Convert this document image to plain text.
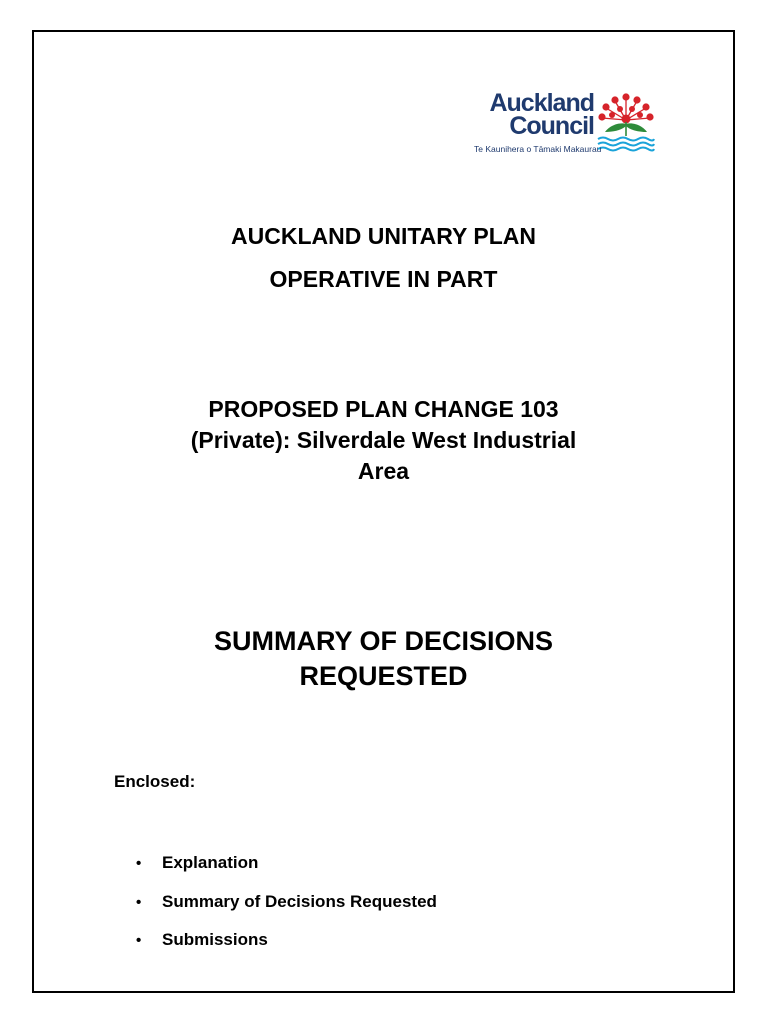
Auckland
Council
Te Kaunihera o Tāmaki Makaurau
AUCKLAND UNITARY PLAN
OPERATIVE IN PART
PROPOSED PLAN CHANGE 103
(Private): Silverdale West Industrial
Area
SUMMARY OF DECISIONS
REQUESTED
Enclosed:
• Explanation
• Summary of Decisions Requested
• Submissions
